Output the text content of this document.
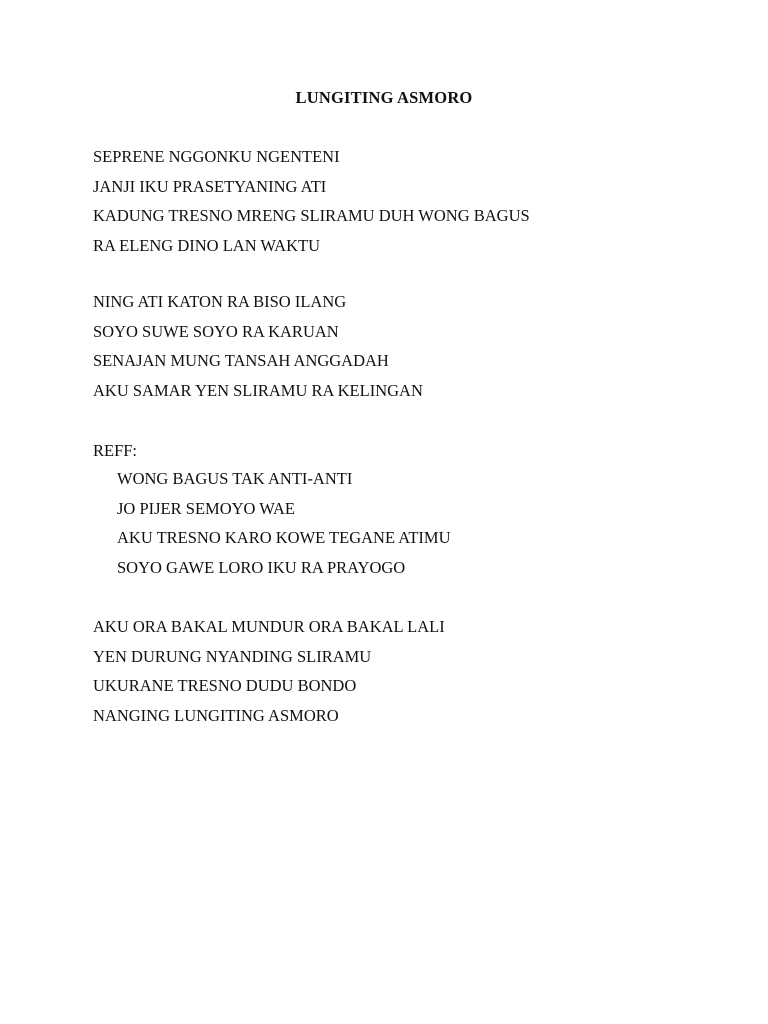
LUNGITING ASMORO
SEPRENE NGGONKU NGENTENI
JANJI IKU PRASETYANING ATI
KADUNG TRESNO MRENG SLIRAMU DUH WONG BAGUS
RA ELENG DINO LAN WAKTU
NING ATI KATON RA BISO ILANG
SOYO SUWE SOYO RA KARUAN
SENAJAN MUNG TANSAH ANGGADAH
AKU SAMAR YEN SLIRAMU RA KELINGAN

REFF:

WONG BAGUS TAK ANTI-ANTI
JO PIJER SEMOYO WAE
AKU TRESNO KARO KOWE TEGANE ATIMU
SOYO GAWE LORO IKU RA PRAYOGO
AKU ORA BAKAL MUNDUR ORA BAKAL LALI
YEN DURUNG NYANDING SLIRAMU
UKURANE TRESNO DUDU BONDO
NANGING LUNGITING ASMORO
